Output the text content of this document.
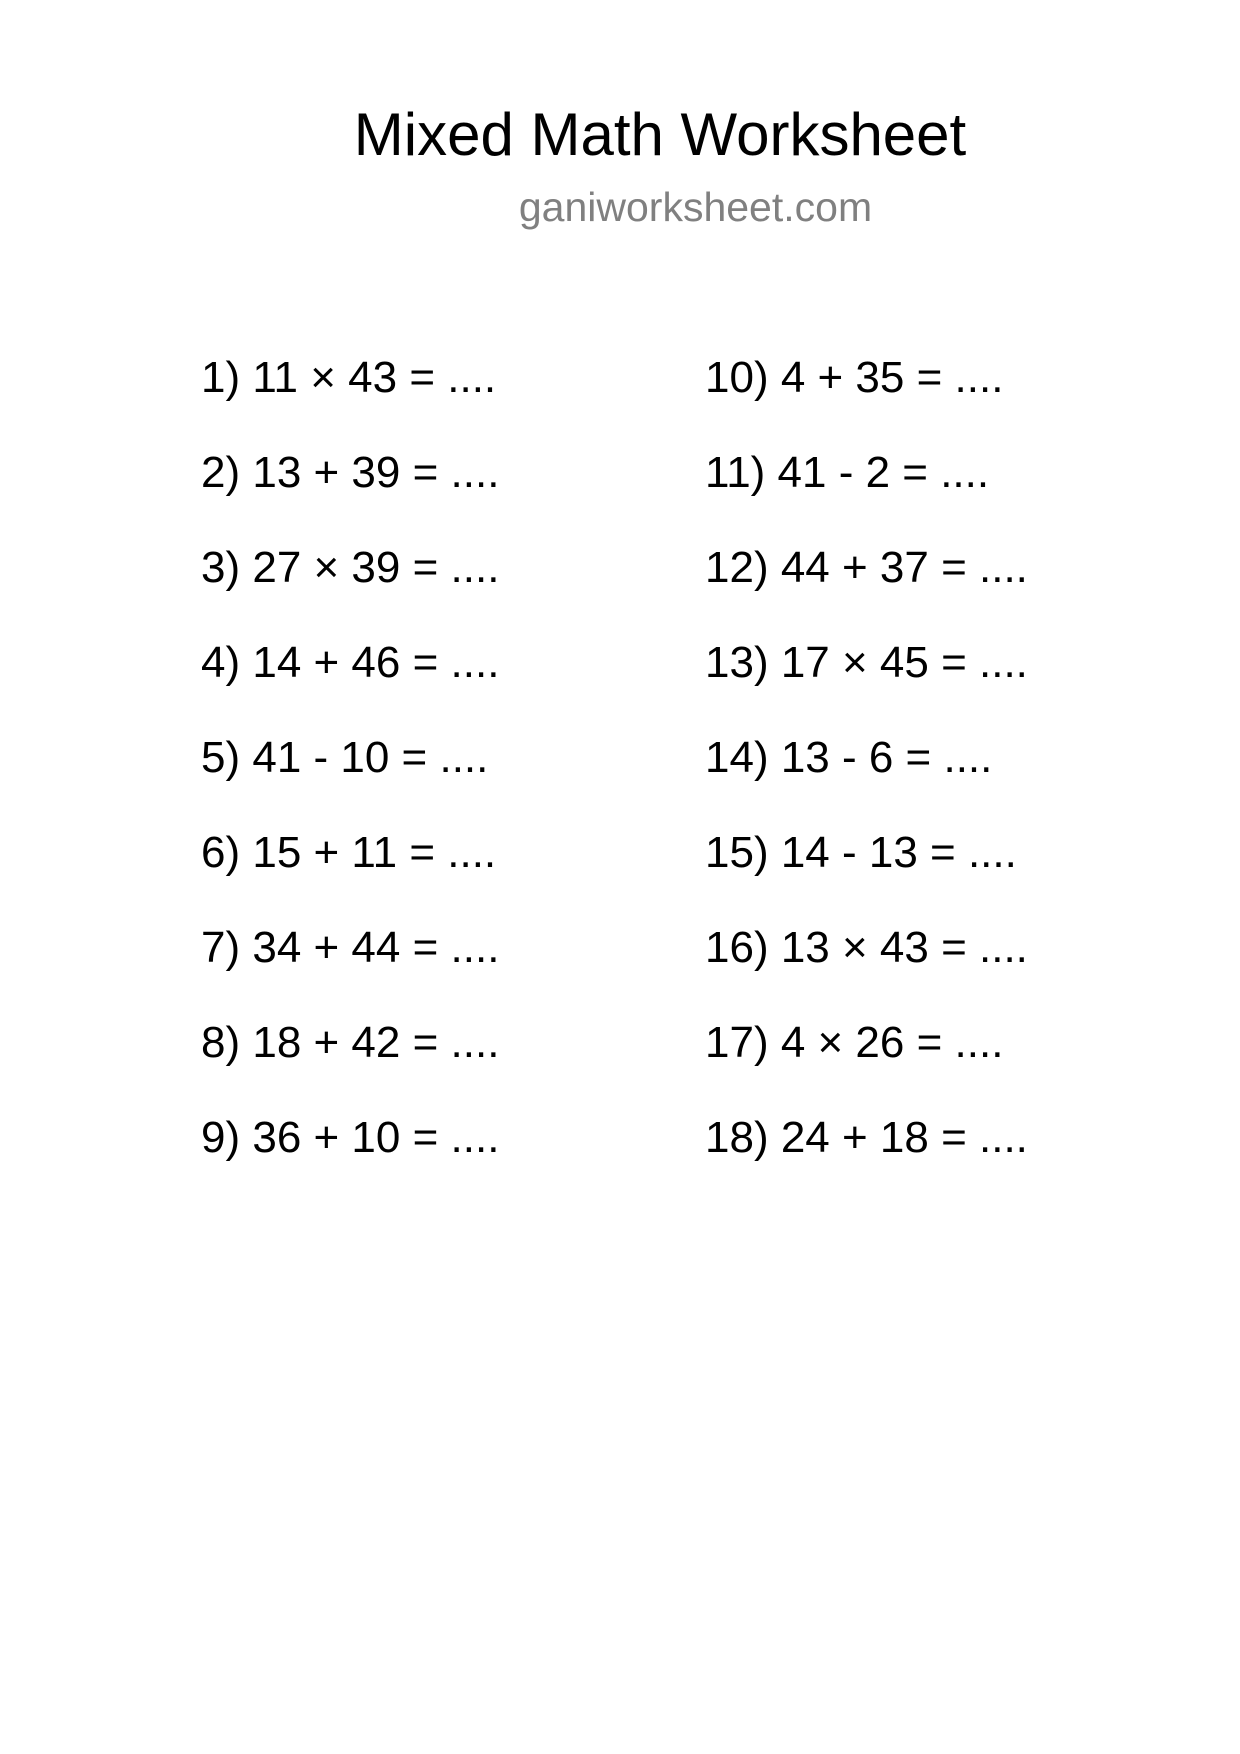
Mixed Math Worksheet
ganiworksheet.com
1) 11 × 43 = ....
2) 13 + 39 = ....
3) 27 × 39 = ....
4) 14 + 46 = ....
5) 41 - 10 = ....
6) 15 + 11 = ....
7) 34 + 44 = ....
8) 18 + 42 = ....
9) 36 + 10 = ....
10) 4 + 35 = ....
11) 41 - 2 = ....
12) 44 + 37 = ....
13) 17 × 45 = ....
14) 13 - 6 = ....
15) 14 - 13 = ....
16) 13 × 43 = ....
17) 4 × 26 = ....
18) 24 + 18 = ....
